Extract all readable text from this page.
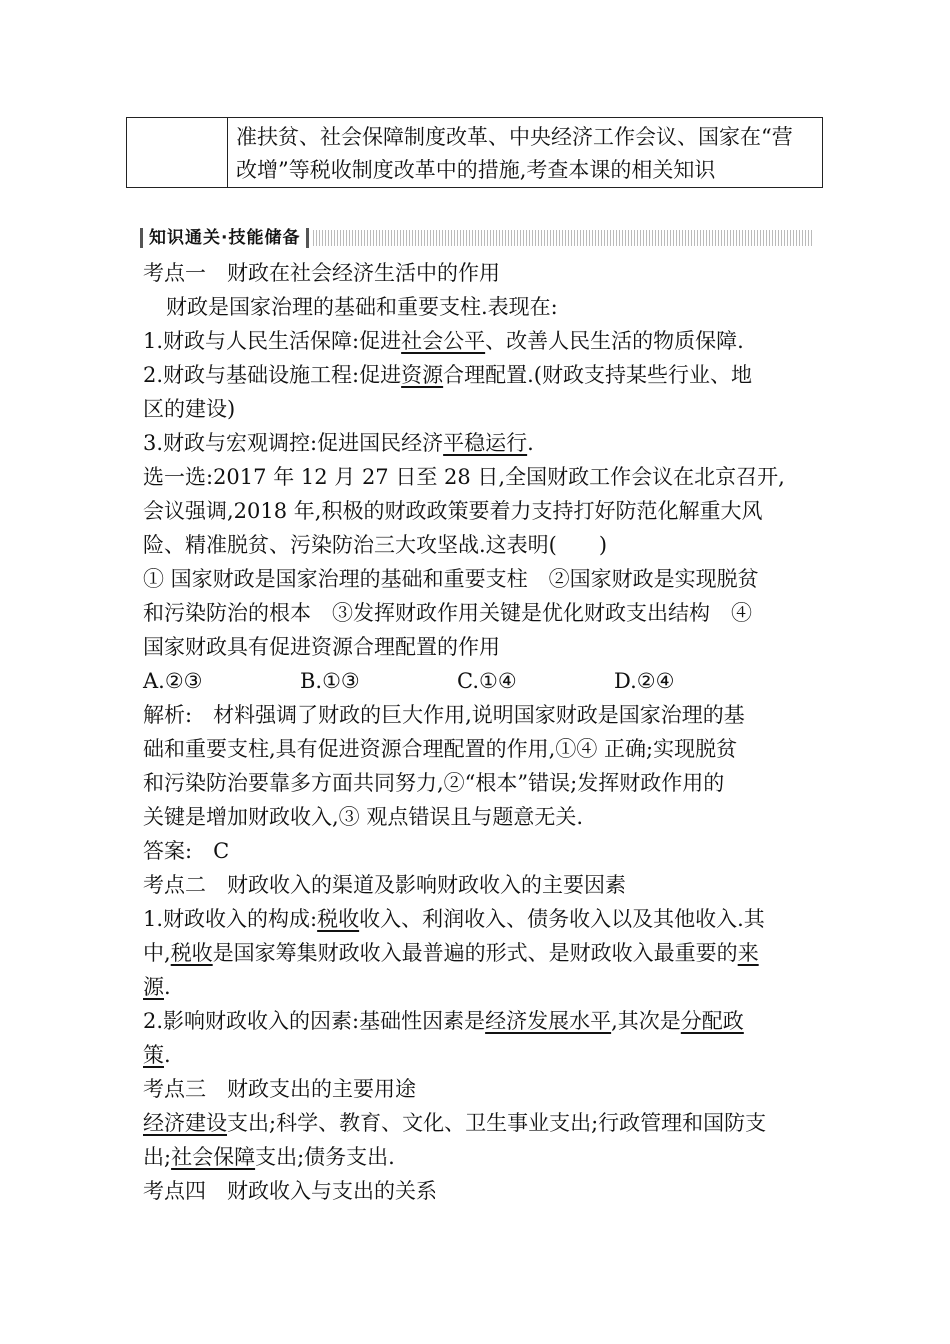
准扶贫、社会保障制度改革、中央经济工作会议、国家在“营
改增”等税收制度改革中的措施,考查本课的相关知识
知识通关·技能储备

考点一　财政在社会经济生活中的作用

财政是国家治理的基础和重要支柱.表现在:

1.财政与人民生活保障:促进社会公平、改善人民生活的物质保障.

2.财政与基础设施工程:促进资源合理配置.(财政支持某些行业、地

区的建设)

3.财政与宏观调控:促进国民经济平稳运行.

选一选:2017 年 12 月 27 日至 28 日,全国财政工作会议在北京召开,

会议强调,2018 年,积极的财政政策要着力支持打好防范化解重大风

险、精准脱贫、污染防治三大攻坚战.这表明(　　)

① 国家财政是国家治理的基础和重要支柱　②国家财政是实现脱贫

和污染防治的根本　③发挥财政作用关键是优化财政支出结构　④

国家财政具有促进资源合理配置的作用

A.②③	B.①③	C.①④	D.②④

解析:　材料强调了财政的巨大作用,说明国家财政是国家治理的基

础和重要支柱,具有促进资源合理配置的作用,①④ 正确;实现脱贫

和污染防治要靠多方面共同努力,②“根本”错误;发挥财政作用的

关键是增加财政收入,③ 观点错误且与题意无关.

答案:　C

考点二　财政收入的渠道及影响财政收入的主要因素

1.财政收入的构成:税收收入、利润收入、债务收入以及其他收入.其

中,税收是国家筹集财政收入最普遍的形式、是财政收入最重要的来

源.

2.影响财政收入的因素:基础性因素是经济发展水平,其次是分配政

策.

考点三　财政支出的主要用途

经济建设支出;科学、教育、文化、卫生事业支出;行政管理和国防支

出;社会保障支出;债务支出.

考点四　财政收入与支出的关系
